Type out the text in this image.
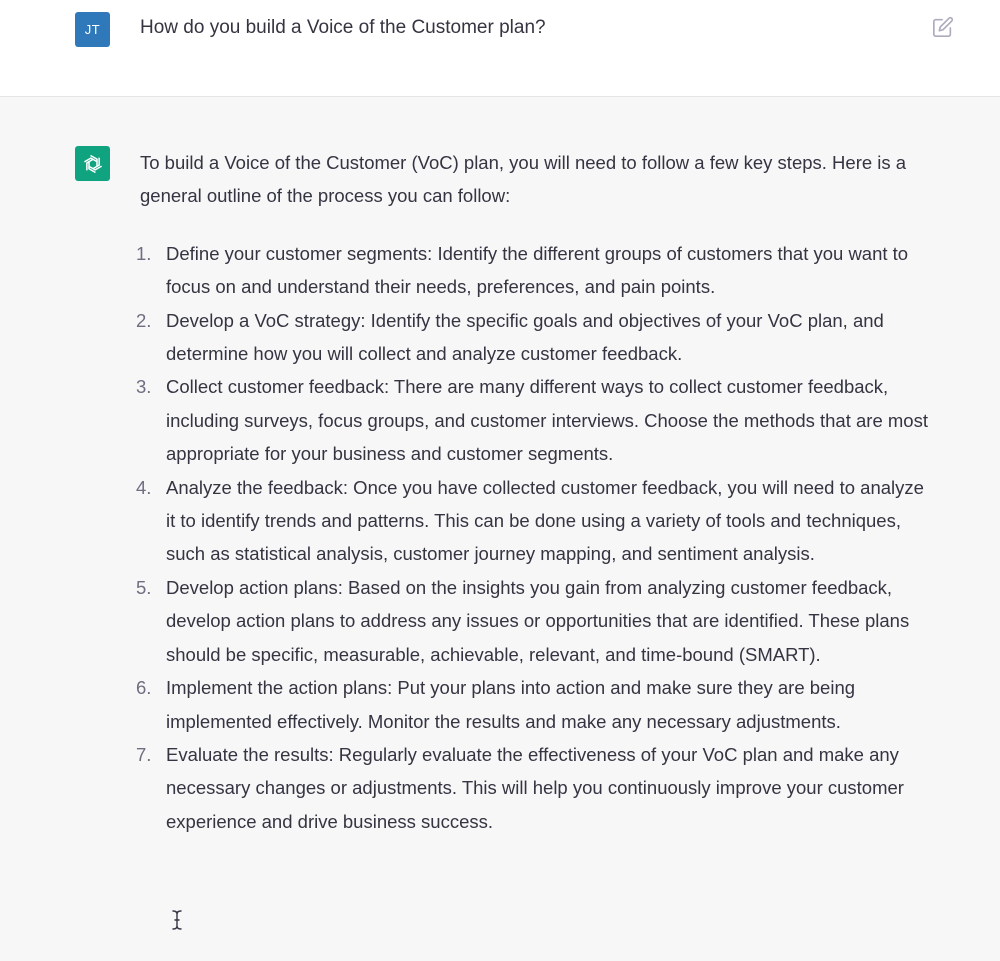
JT	How do you build a Voice of the Customer plan?

To build a Voice of the Customer (VoC) plan, you will need to follow a few key steps. Here is a general outline of the process you can follow:

1. Define your customer segments: Identify the different groups of customers that you want to focus on and understand their needs, preferences, and pain points.
2. Develop a VoC strategy: Identify the specific goals and objectives of your VoC plan, and determine how you will collect and analyze customer feedback.
3. Collect customer feedback: There are many different ways to collect customer feedback, including surveys, focus groups, and customer interviews. Choose the methods that are most appropriate for your business and customer segments.
4. Analyze the feedback: Once you have collected customer feedback, you will need to analyze it to identify trends and patterns. This can be done using a variety of tools and techniques, such as statistical analysis, customer journey mapping, and sentiment analysis.
5. Develop action plans: Based on the insights you gain from analyzing customer feedback, develop action plans to address any issues or opportunities that are identified. These plans should be specific, measurable, achievable, relevant, and time-bound (SMART).
6. Implement the action plans: Put your plans into action and make sure they are being implemented effectively. Monitor the results and make any necessary adjustments.
7. Evaluate the results: Regularly evaluate the effectiveness of your VoC plan and make any necessary changes or adjustments. This will help you continuously improve your customer experience and drive business success.
